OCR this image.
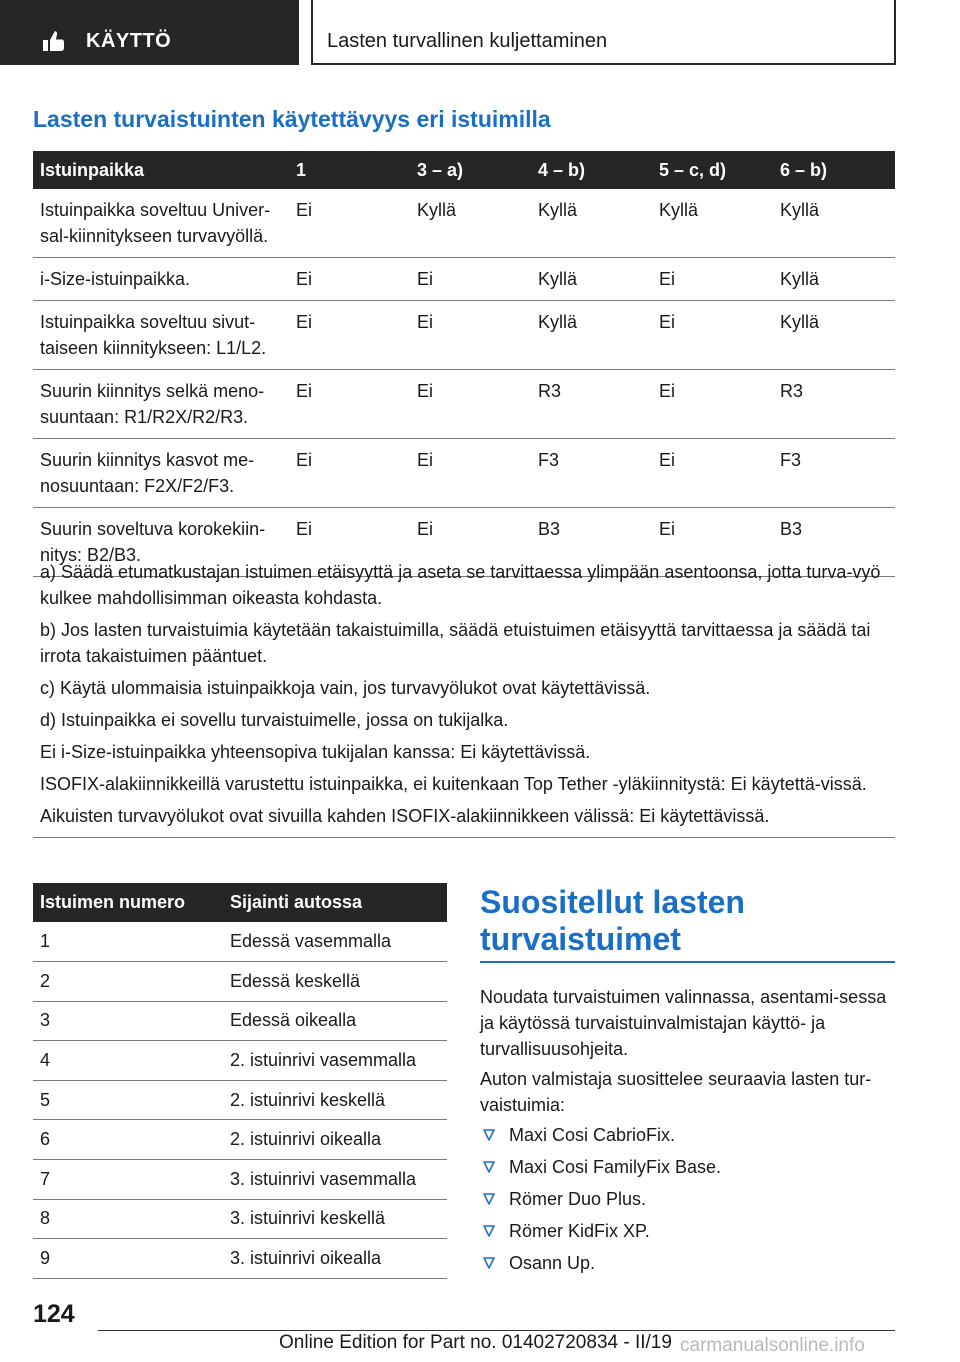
KÄYTTÖ	Lasten turvallinen kuljettaminen
Lasten turvaistuinten käytettävyys eri istuimilla
Istuinpaikka	1	3 – a)	4 – b)	5 – c, d)	6 – b)
Istuinpaikka soveltuu Univer-sal-kiinnitykseen turvavyöllä.	Ei	Kyllä	Kyllä	Kyllä	Kyllä
i-Size-istuinpaikka.	Ei	Ei	Kyllä	Ei	Kyllä
Istuinpaikka soveltuu sivut-taiseen kiinnitykseen: L1/L2.	Ei	Ei	Kyllä	Ei	Kyllä
Suurin kiinnitys selkä meno-suuntaan: R1/R2X/R2/R3.	Ei	Ei	R3	Ei	R3
Suurin kiinnitys kasvot me-nosuuntaan: F2X/F2/F3.	Ei	Ei	F3	Ei	F3
Suurin soveltuva korokekiin-nitys: B2/B3.	Ei	Ei	B3	Ei	B3

a) Säädä etumatkustajan istuimen etäisyyttä ja aseta se tarvittaessa ylimpään asentoonsa, jotta turva-vyö kulkee mahdollisimman oikeasta kohdasta.

b) Jos lasten turvaistuimia käytetään takaistuimilla, säädä etuistuimen etäisyyttä tarvittaessa ja säädä tai irrota takaistuimen pääntuet.

c) Käytä ulommaisia istuinpaikkoja vain, jos turvavyölukot ovat käytettävissä.

d) Istuinpaikka ei sovellu turvaistuimelle, jossa on tukijalka.

Ei i-Size-istuinpaikka yhteensopiva tukijalan kanssa: Ei käytettävissä.

ISOFIX-alakiinnikkeillä varustettu istuinpaikka, ei kuitenkaan Top Tether -yläkiinnitystä: Ei käytettä-vissä.

Aikuisten turvavyölukot ovat sivuilla kahden ISOFIX-alakiinnikkeen välissä: Ei käytettävissä.

Istuimen numero	Sijainti autossa
1	Edessä vasemmalla
2	Edessä keskellä
3	Edessä oikealla
4	2. istuinrivi vasemmalla
5	2. istuinrivi keskellä
6	2. istuinrivi oikealla
7	3. istuinrivi vasemmalla
8	3. istuinrivi keskellä
9	3. istuinrivi oikealla
Suositellut lasten
turvaistuimet

Noudata turvaistuimen valinnassa, asentami-sessa ja käytössä turvaistuinvalmistajan käyttö- ja turvallisuusohjeita.

Auton valmistaja suosittelee seuraavia lasten tur-vaistuimia:

Maxi Cosi CabrioFix.
Maxi Cosi FamilyFix Base.
Römer Duo Plus.
Römer KidFix XP.
Osann Up.
124
Online Edition for Part no. 01402720834 - II/19 carmanualsonline.info
